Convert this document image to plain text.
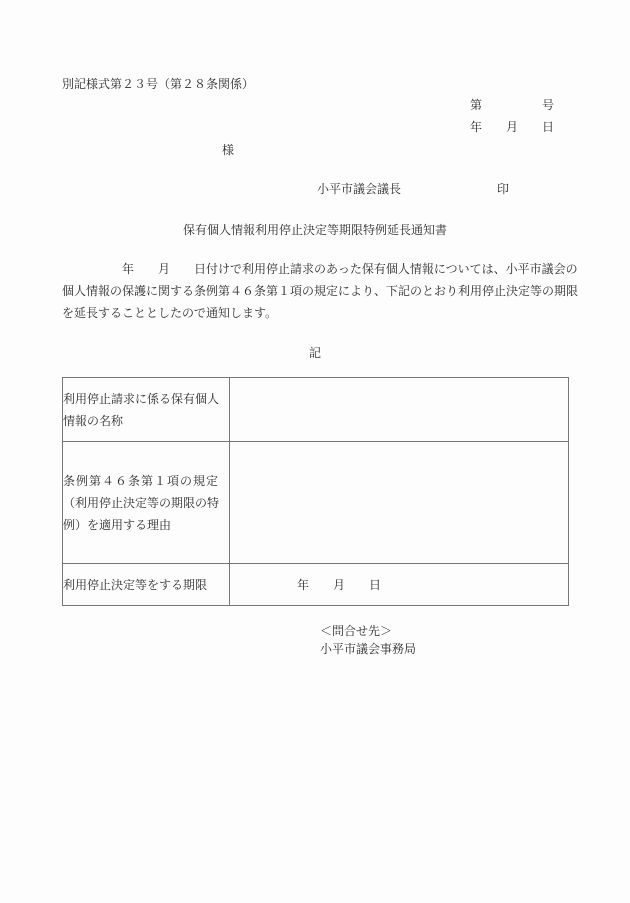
別記様式第２３号（第２８条関係）
第　　　　　号
年　　月　　日
様
小平市議会議長	印
保有個人情報利用停止決定等期限特例延長通知書
　　　　　年　　月　　日付けで利用停止請求のあった保有個人情報については、小平市議会の
個人情報の保護に関する条例第４６条第１項の規定により、下記のとおり利用停止決定等の期限
を延長することとしたので通知します。
記
利用停止請求に係る保有個人
情報の名称	

条例第４６条第１項の規定
（利用停止決定等の期限の特
例）を適用する理由	

利用停止決定等をする期限	年　　月　　日
＜問合せ先＞
小平市議会事務局
